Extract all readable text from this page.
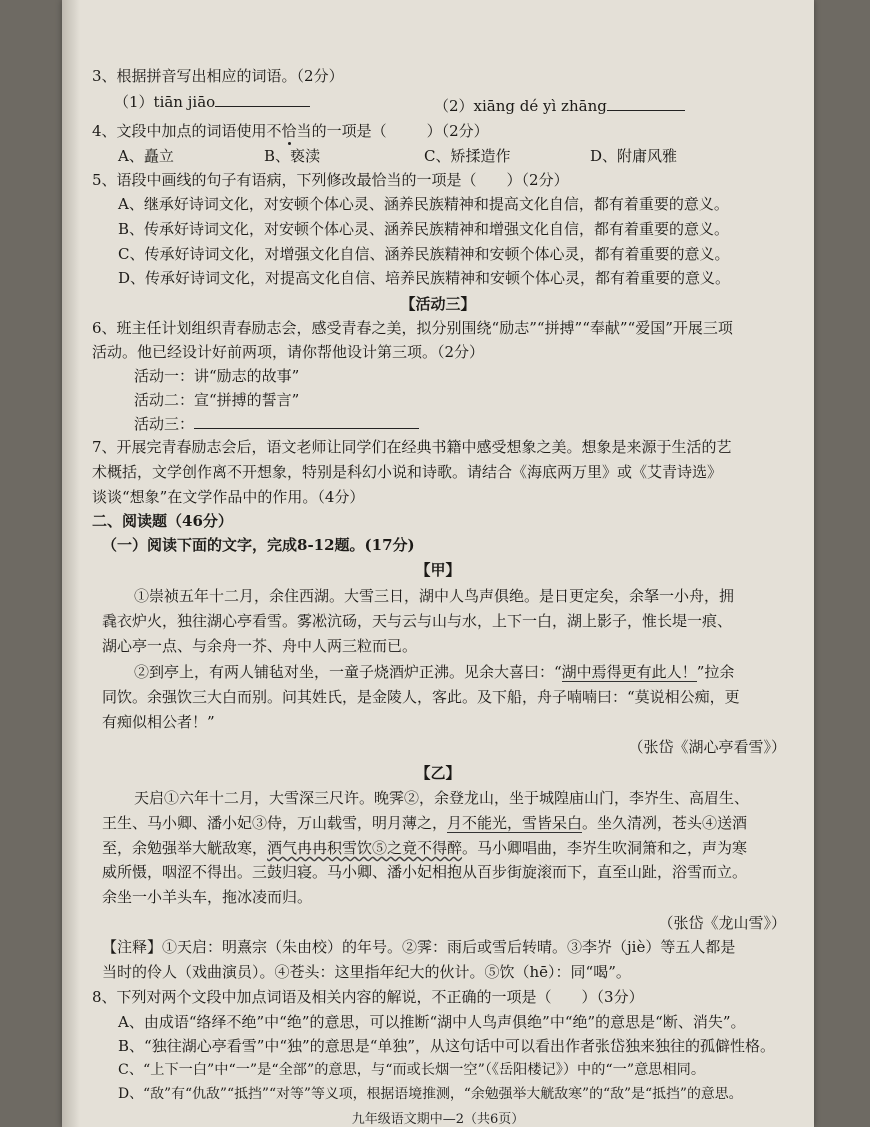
3、根据拼音写出相应的词语。（2分）
（1）tiān jiāo	（2）xiāng dé yì zhāng
4、文段中加点的词语使用不恰当的一项是（	）（2分）
A、矗立	B、亵渎	C、矫揉造作	D、附庸风雅
5、语段中画线的句子有语病，下列修改最恰当的一项是（　　）（2分）
A、继承好诗词文化，对安顿个体心灵、涵养民族精神和提高文化自信，都有着重要的意义。
B、传承好诗词文化，对安顿个体心灵、涵养民族精神和增强文化自信，都有着重要的意义。
C、传承好诗词文化，对增强文化自信、涵养民族精神和安顿个体心灵，都有着重要的意义。
D、传承好诗词文化，对提高文化自信、培养民族精神和安顿个体心灵，都有着重要的意义。
【活动三】
6、班主任计划组织青春励志会，感受青春之美，拟分别围绕“励志”“拼搏”“奉献”“爱国”开展三项
活动。他已经设计好前两项，请你帮他设计第三项。（2分）
活动一：讲“励志的故事”
活动二：宣“拼搏的誓言”
活动三：
7、开展完青春励志会后，语文老师让同学们在经典书籍中感受想象之美。想象是来源于生活的艺
术概括，文学创作离不开想象，特别是科幻小说和诗歌。请结合《海底两万里》或《艾青诗选》
谈谈“想象”在文学作品中的作用。（4分）
二、阅读题（46分）
（一）阅读下面的文字，完成8-12题。(17分)
【甲】
①崇祯五年十二月，余住西湖。大雪三日，湖中人鸟声俱绝。是日更定矣，余拏一小舟，拥
毳衣炉火，独往湖心亭看雪。雾凇沆砀，天与云与山与水，上下一白，湖上影子，惟长堤一痕、
湖心亭一点、与余舟一芥、舟中人两三粒而已。
②到亭上，有两人铺毡对坐，一童子烧酒炉正沸。见余大喜曰：“湖中焉得更有此人！”拉余
同饮。余强饮三大白而别。问其姓氏，是金陵人，客此。及下船，舟子喃喃曰：“莫说相公痴，更
有痴似相公者！”
（张岱《湖心亭看雪》）
【乙】
天启①六年十二月，大雪深三尺许。晚霁②，余登龙山，坐于城隍庙山门，李岕生、高眉生、
王生、马小卿、潘小妃③侍，万山载雪，明月薄之，月不能光，雪皆呆白。坐久清冽，苍头④送酒
至，余勉强举大觥敌寒，酒气冉冉积雪饮⑤之竟不得醉。马小卿唱曲，李岕生吹洞箫和之，声为寒
威所慑，咽涩不得出。三鼓归寝。马小卿、潘小妃相抱从百步街旋滚而下，直至山趾，浴雪而立。
余坐一小羊头车，拖冰凌而归。
（张岱《龙山雪》）
【注释】①天启：明熹宗（朱由校）的年号。②霁：雨后或雪后转晴。③李岕（jiè）等五人都是
当时的伶人（戏曲演员）。④苍头：这里指年纪大的伙计。⑤饮（hē）：同“喝”。
8、下列对两个文段中加点词语及相关内容的解说，不正确的一项是（　　）（3分）
A、由成语“络绎不绝”中“绝”的意思，可以推断“湖中人鸟声俱绝”中“绝”的意思是“断、消失”。
B、“独往湖心亭看雪”中“独”的意思是“单独”，从这句话中可以看出作者张岱独来独往的孤僻性格。
C、“上下一白”中“一”是“全部”的意思，与“而或长烟一空”（《岳阳楼记》）中的“一”意思相同。
D、“敌”有“仇敌”“抵挡”“对等”等义项，根据语境推测，“余勉强举大觥敌寒”的“敌”是“抵挡”的意思。
九年级语文期中—2（共6页）
